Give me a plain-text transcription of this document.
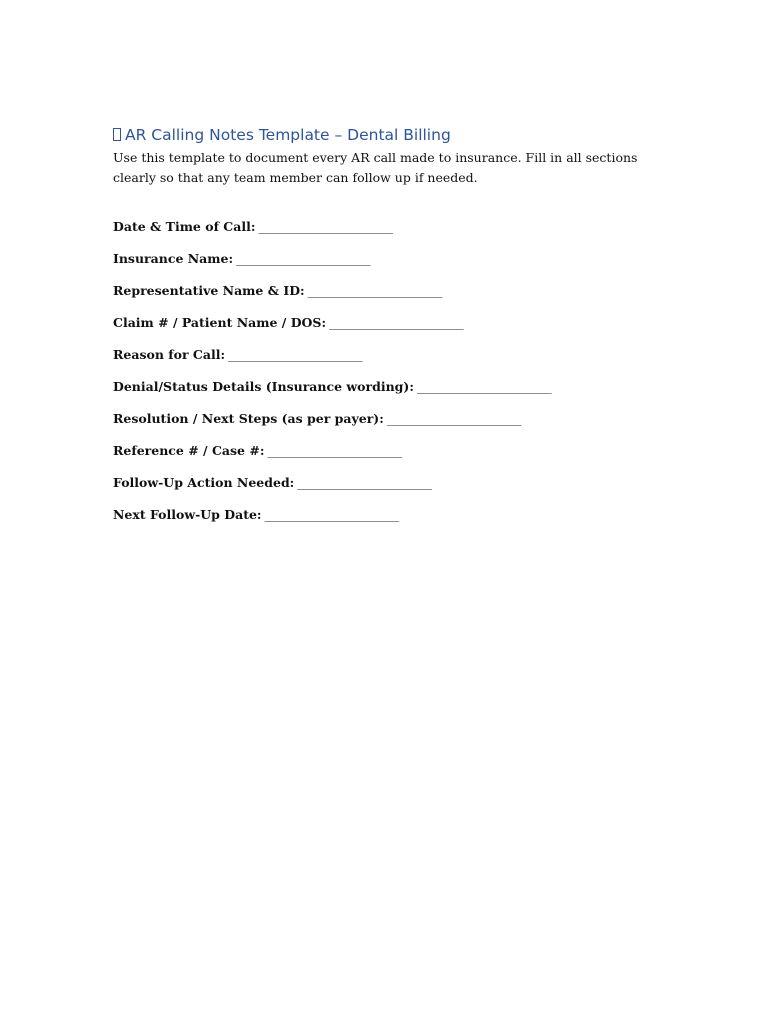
AR Calling Notes Template – Dental Billing

Use this template to document every AR call made to insurance. Fill in all sections clearly so that any team member can follow up if needed.

Date & Time of Call: _________________________
Insurance Name: _________________________
Representative Name & ID: _________________________
Claim # / Patient Name / DOS: _________________________
Reason for Call: _________________________
Denial/Status Details (Insurance wording): _________________________
Resolution / Next Steps (as per payer): _________________________
Reference # / Case #: _________________________
Follow-Up Action Needed: _________________________
Next Follow-Up Date: _________________________
